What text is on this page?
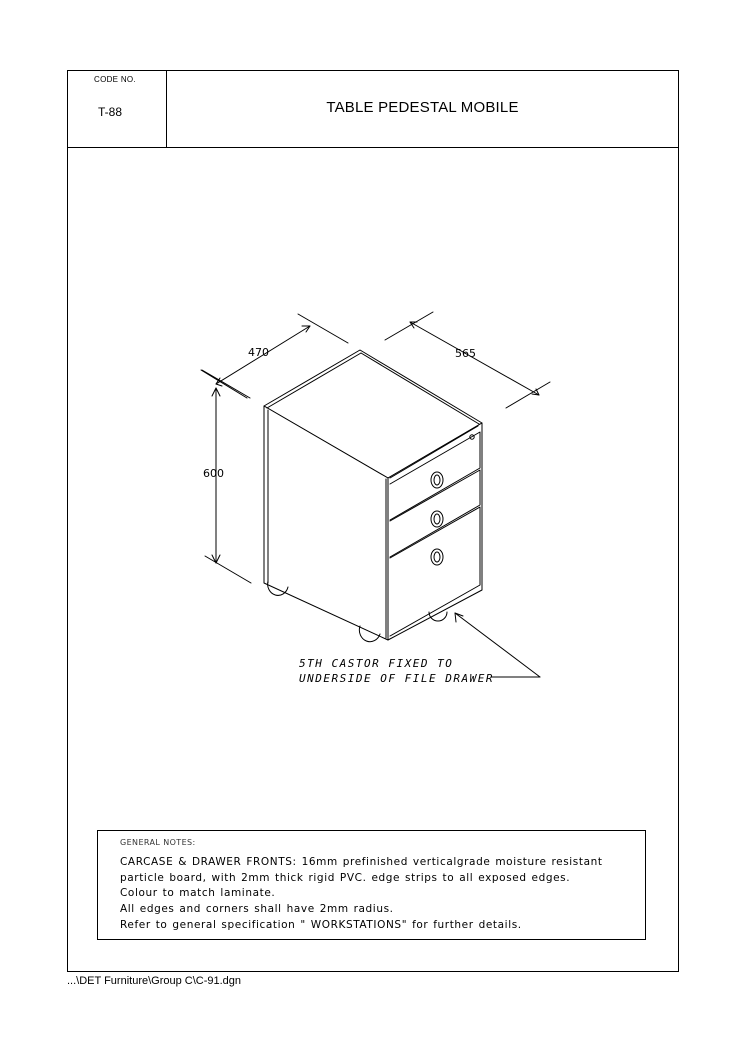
CODE NO.
T-88	TABLE PEDESTAL MOBILE
GENERAL NOTES:
CARCASE & DRAWER FRONTS: 16mm prefinished verticalgrade moisture resistant
particle board, with 2mm thick rigid PVC. edge strips to all exposed edges.
Colour to match laminate.
All edges and corners shall have 2mm radius.
Refer to general specification " WORKSTATIONS" for further details.
470	565
600
5TH CASTOR FIXED TO
UNDERSIDE OF FILE DRAWER
...\DET Furniture\Group C\C-91.dgn
